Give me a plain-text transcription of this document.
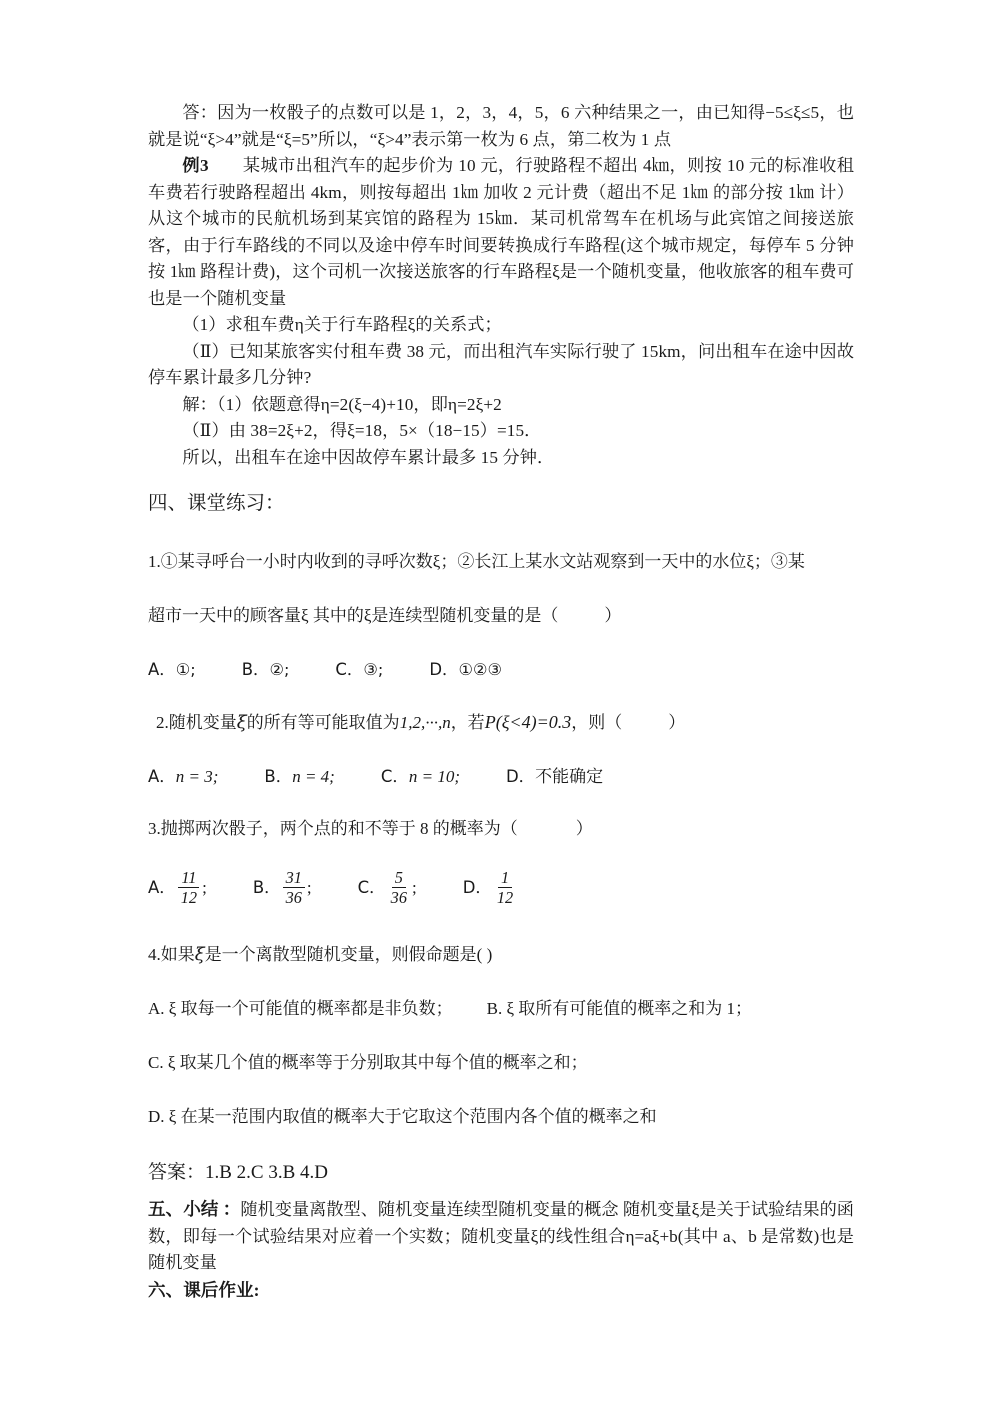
答：因为一枚骰子的点数可以是 1，2，3，4，5，6 六种结果之一，由已知得−5≤ξ≤5，也就是说“ξ>4”就是“ξ=5”所以，“ξ>4”表示第一枚为 6 点，第二枚为 1 点

例3 某城市出租汽车的起步价为 10 元，行驶路程不超出 4㎞，则按 10 元的标准收租车费若行驶路程超出 4km，则按每超出 1㎞ 加收 2 元计费（超出不足 1㎞ 的部分按 1㎞ 计）从这个城市的民航机场到某宾馆的路程为 15㎞．某司机常驾车在机场与此宾馆之间接送旅客，由于行车路线的不同以及途中停车时间要转换成行车路程(这个城市规定，每停车 5 分钟按 1㎞ 路程计费)，这个司机一次接送旅客的行车路程ξ是一个随机变量，他收旅客的租车费可也是一个随机变量

（1）求租车费η关于行车路程ξ的关系式；

（Ⅱ）已知某旅客实付租车费 38 元，而出租汽车实际行驶了 15km，问出租车在途中因故停车累计最多几分钟?

解：（1）依题意得η=2(ξ−4)+10，即η=2ξ+2

（Ⅱ）由 38=2ξ+2，得ξ=18，5×（18−15）=15．

所以，出租车在途中因故停车累计最多 15 分钟．

四、课堂练习：
1.①某寻呼台一小时内收到的寻呼次数ξ；②长江上某水文站观察到一天中的水位ξ；③某
超市一天中的顾客量ξ 其中的ξ是连续型随机变量的是（	）
A．①;	B．②;	C．③;	D．①②③
2.随机变量ξ的所有等可能取值为1,2,···,n，若P(ξ<4)=0.3，则（	）
A．n = 3;	B．n = 4;	C．n = 10;	D．不能确定
3.抛掷两次骰子，两个点的和不等于 8 的概率为（	）
A． $\frac{11}{12}$ ;	B． $\frac{31}{36}$ ;	C． $\frac{5}{36}$ ;	D． $\frac{1}{12}$
4.如果ξ是一个离散型随机变量，则假命题是( )
A. ξ 取每一个可能值的概率都是非负数； B. ξ 取所有可能值的概率之和为 1；
C. ξ 取某几个值的概率等于分别取其中每个值的概率之和；
D. ξ 在某一范围内取值的概率大于它取这个范围内各个值的概率之和
答案：1.B 2.C 3.B 4.D

五、小结 ：随机变量离散型、随机变量连续型随机变量的概念 随机变量ξ是关于试验结果的函数，即每一个试验结果对应着一个实数；随机变量ξ的线性组合η=aξ+b(其中 a、b 是常数)也是随机变量

六、课后作业:
